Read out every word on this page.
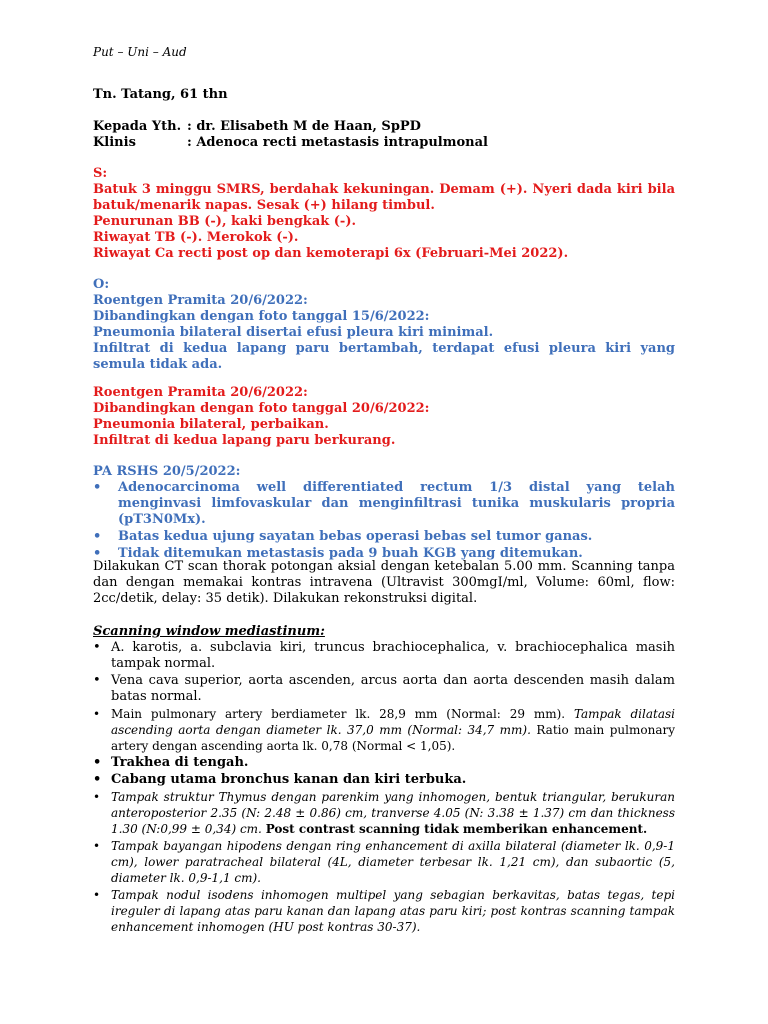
Put – Uni – Aud
Tn. Tatang, 61 thn
Kepada Yth. : dr. Elisabeth M de Haan, SpPD
Klinis	: Adenoca recti metastasis intrapulmonal
S:
Batuk 3 minggu SMRS, berdahak kekuningan. Demam (+). Nyeri dada kiri bila batuk/menarik napas. Sesak (+) hilang timbul.
Penurunan BB (-), kaki bengkak (-).
Riwayat TB (-). Merokok (-).
Riwayat Ca recti post op dan kemoterapi 6x (Februari-Mei 2022).
O:
Roentgen Pramita 20/6/2022:
Dibandingkan dengan foto tanggal 15/6/2022:
Pneumonia bilateral disertai efusi pleura kiri minimal.
Infiltrat di kedua lapang paru bertambah, terdapat efusi pleura kiri yang semula tidak ada.
Roentgen Pramita 20/6/2022:
Dibandingkan dengan foto tanggal 20/6/2022:
Pneumonia bilateral, perbaikan.
Infiltrat di kedua lapang paru berkurang.
PA RSHS 20/5/2022:
• Adenocarcinoma well differentiated rectum 1/3 distal yang telah menginvasi limfovaskular dan menginfiltrasi tunika muskularis propria (pT3N0Mx).
• Batas kedua ujung sayatan bebas operasi bebas sel tumor ganas.
• Tidak ditemukan metastasis pada 9 buah KGB yang ditemukan.
Dilakukan CT scan thorak potongan aksial dengan ketebalan 5.00 mm. Scanning tanpa dan dengan memakai kontras intravena (Ultravist 300mgI/ml, Volume: 60ml, flow: 2cc/detik, delay: 35 detik). Dilakukan rekonstruksi digital.
Scanning window mediastinum:
• A. karotis, a. subclavia kiri, truncus brachiocephalica, v. brachiocephalica masih tampak normal.
• Vena cava superior, aorta ascenden, arcus aorta dan aorta descenden masih dalam batas normal.
• Main pulmonary artery berdiameter lk. 28,9 mm (Normal: 29 mm). Tampak dilatasi ascending aorta dengan diameter lk. 37,0 mm (Normal: 34,7 mm). Ratio main pulmonary artery dengan ascending aorta lk. 0,78 (Normal < 1,05).
• Trakhea di tengah.
• Cabang utama bronchus kanan dan kiri terbuka.
• Tampak struktur Thymus dengan parenkim yang inhomogen, bentuk triangular, berukuran anteroposterior 2.35 (N: 2.48 ± 0.86) cm, tranverse 4.05 (N: 3.38 ± 1.37) cm dan thickness 1.30 (N:0,99 ± 0,34) cm. Post contrast scanning tidak memberikan enhancement.
• Tampak bayangan hipodens dengan ring enhancement di axilla bilateral (diameter lk. 0,9-1 cm), lower paratracheal bilateral (4L, diameter terbesar lk. 1,21 cm), dan subaortic (5, diameter lk. 0,9-1,1 cm).
• Tampak nodul isodens inhomogen multipel yang sebagian berkavitas, batas tegas, tepi ireguler di lapang atas paru kanan dan lapang atas paru kiri; post kontras scanning tampak enhancement inhomogen (HU post kontras 30-37).
